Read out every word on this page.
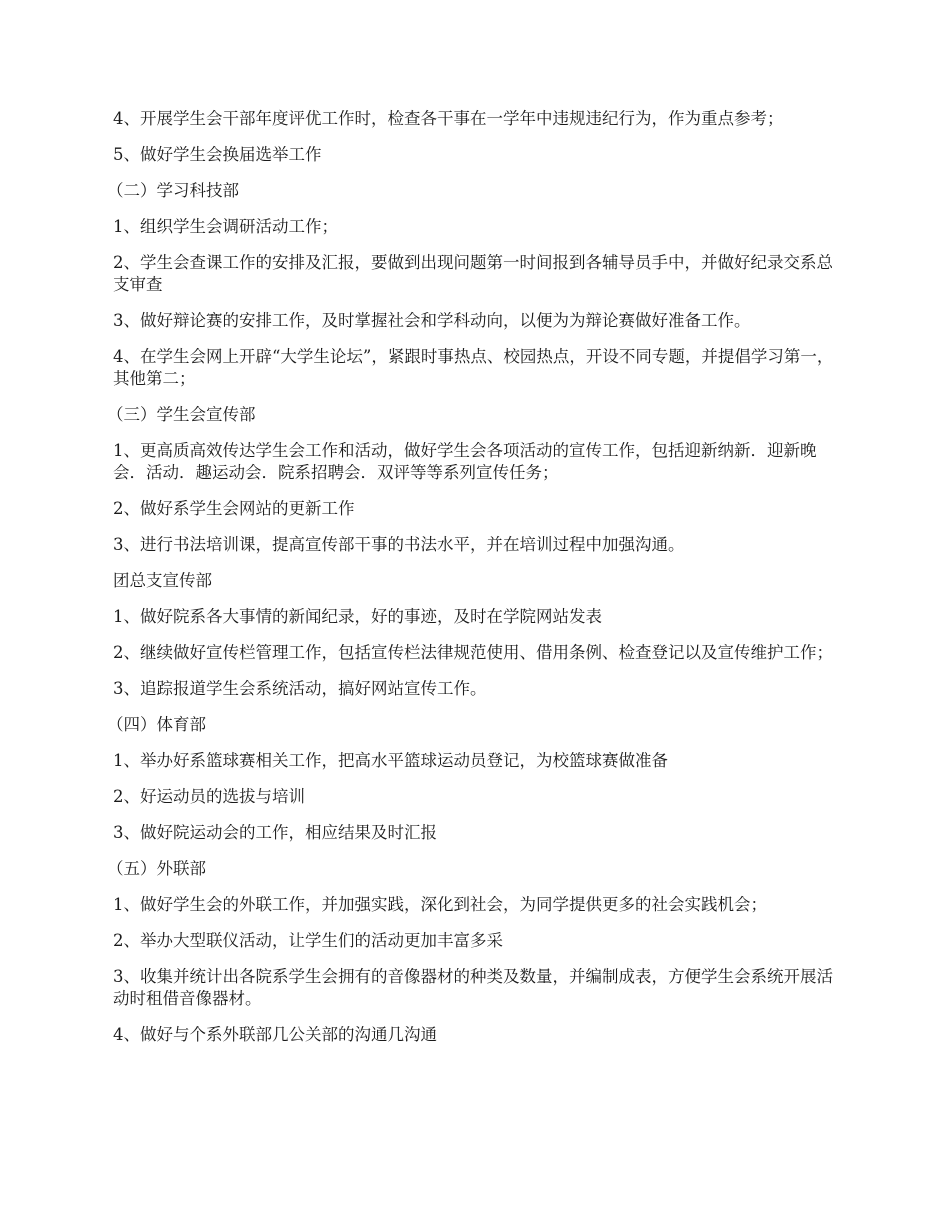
4、开展学生会干部年度评优工作时，检查各干事在一学年中违规违纪行为，作为重点参考；

5、做好学生会换届选举工作

（二）学习科技部

1、组织学生会调研活动工作；

2、学生会查课工作的安排及汇报，要做到出现问题第一时间报到各辅导员手中，并做好纪录交系总支审查

3、做好辩论赛的安排工作，及时掌握社会和学科动向，以便为为辩论赛做好准备工作。

4、在学生会网上开辟“大学生论坛”，紧跟时事热点、校园热点，开设不同专题，并提倡学习第一，其他第二；

（三）学生会宣传部

1、更高质高效传达学生会工作和活动，做好学生会各项活动的宣传工作，包括迎新纳新．迎新晚会．活动．趣运动会．院系招聘会．双评等等系列宣传任务；

2、做好系学生会网站的更新工作

3、进行书法培训课，提高宣传部干事的书法水平，并在培训过程中加强沟通。

团总支宣传部

1、做好院系各大事情的新闻纪录，好的事迹，及时在学院网站发表

2、继续做好宣传栏管理工作，包括宣传栏法律规范使用、借用条例、检查登记以及宣传维护工作；

3、追踪报道学生会系统活动，搞好网站宣传工作。

（四）体育部

1、举办好系篮球赛相关工作，把高水平篮球运动员登记，为校篮球赛做准备

2、好运动员的选拔与培训

3、做好院运动会的工作，相应结果及时汇报

（五）外联部

1、做好学生会的外联工作，并加强实践，深化到社会，为同学提供更多的社会实践机会；

2、举办大型联仪活动，让学生们的活动更加丰富多采

3、收集并统计出各院系学生会拥有的音像器材的种类及数量，并编制成表，方便学生会系统开展活动时租借音像器材。

4、做好与个系外联部几公关部的沟通几沟通
